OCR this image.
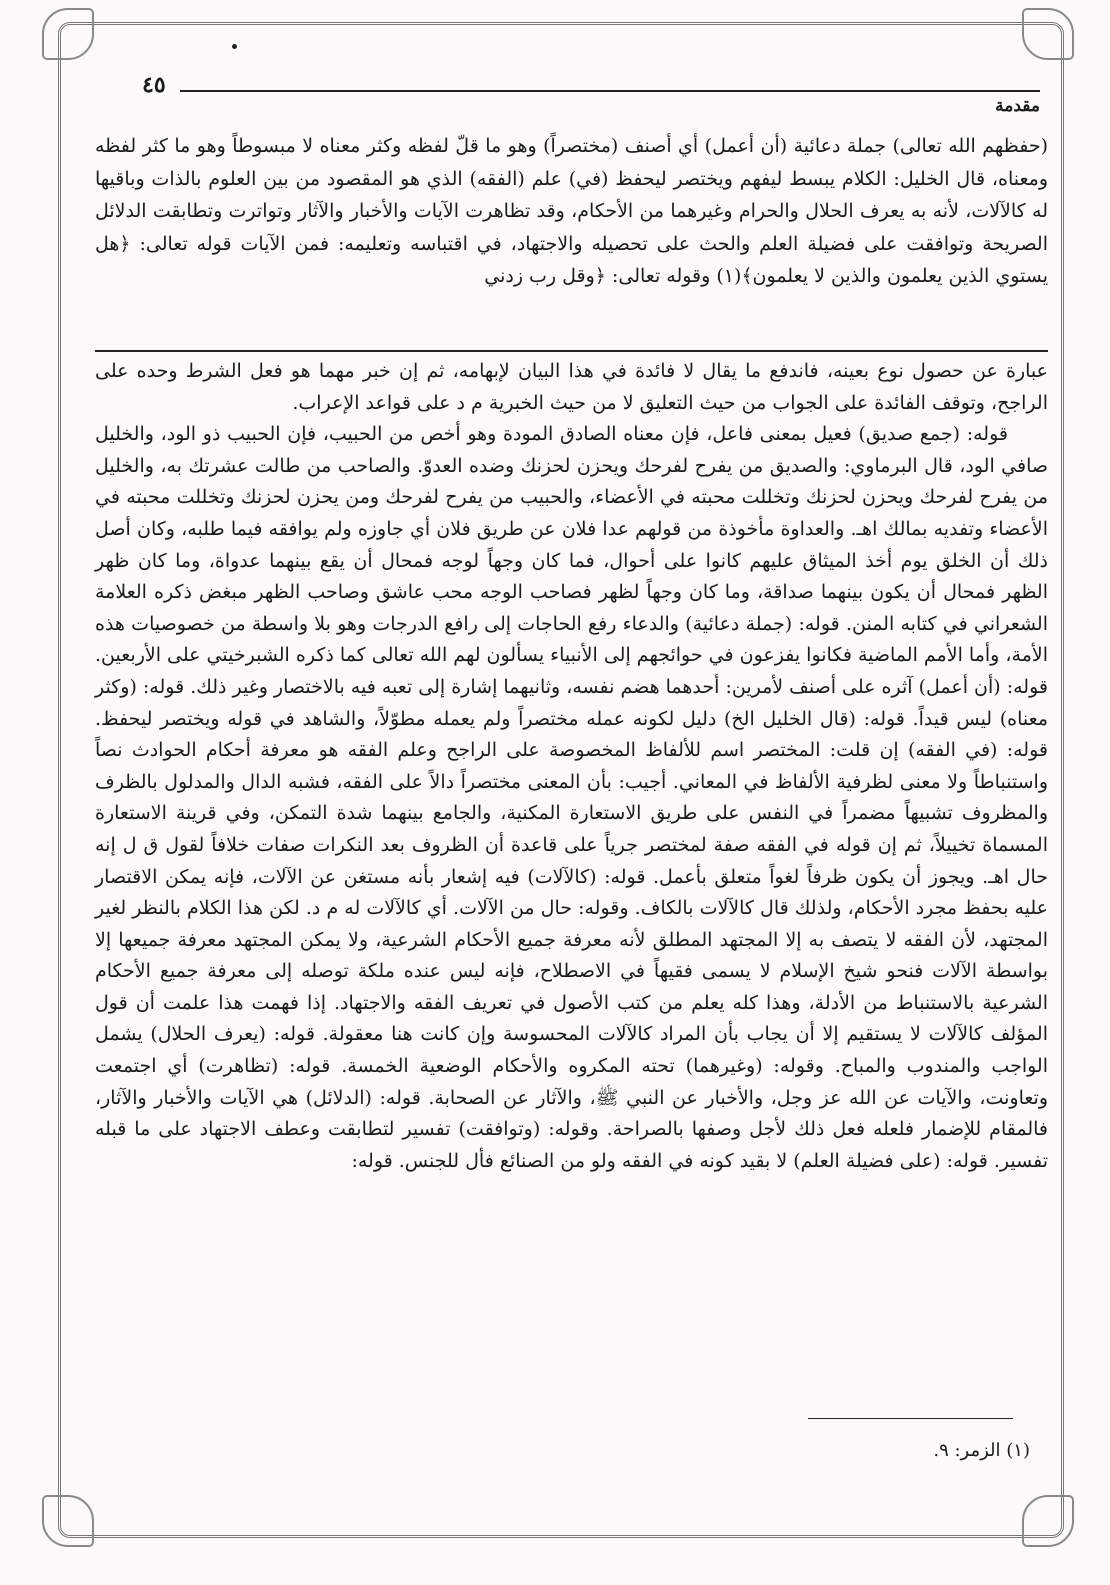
٤٥
مقدمة
(حفظهم الله تعالى) جملة دعائية (أن أعمل) أي أصنف (مختصراً) وهو ما قلّ لفظه وكثر معناه لا مبسوطاً وهو ما كثر لفظه ومعناه، قال الخليل: الكلام يبسط ليفهم ويختصر ليحفظ (في) علم (الفقه) الذي هو المقصود من بين العلوم بالذات وباقيها له كالآلات، لأنه به يعرف الحلال والحرام وغيرهما من الأحكام، وقد تظاهرت الآيات والأخبار والآثار وتواترت وتطابقت الدلائل الصريحة وتوافقت على فضيلة العلم والحث على تحصيله والاجتهاد، في اقتباسه وتعليمه: فمن الآيات قوله تعالى: ﴿هل يستوي الذين يعلمون والذين لا يعلمون﴾(١) وقوله تعالى: ﴿وقل رب زدني

عبارة عن حصول نوع بعينه، فاندفع ما يقال لا فائدة في هذا البيان لإبهامه، ثم إن خبر مهما هو فعل الشرط وحده على الراجح، وتوقف الفائدة على الجواب من حيث التعليق لا من حيث الخبرية م د على قواعد الإعراب.

قوله: (جمع صديق) فعيل بمعنى فاعل، فإن معناه الصادق المودة وهو أخص من الحبيب، فإن الحبيب ذو الود، والخليل صافي الود، قال البرماوي: والصديق من يفرح لفرحك ويحزن لحزنك وضده العدوّ. والصاحب من طالت عشرتك به، والخليل من يفرح لفرحك ويحزن لحزنك وتخللت محبته في الأعضاء، والحبيب من يفرح لفرحك ومن يحزن لحزنك وتخللت محبته في الأعضاء وتفديه بمالك اهـ. والعداوة مأخوذة من قولهم عدا فلان عن طريق فلان أي جاوزه ولم يوافقه فيما طلبه، وكان أصل ذلك أن الخلق يوم أخذ الميثاق عليهم كانوا على أحوال، فما كان وجهاً لوجه فمحال أن يقع بينهما عدواة، وما كان ظهر الظهر فمحال أن يكون بينهما صداقة، وما كان وجهاً لظهر فصاحب الوجه محب عاشق وصاحب الظهر مبغض ذكره العلامة الشعراني في كتابه المنن. قوله: (جملة دعائية) والدعاء رفع الحاجات إلى رافع الدرجات وهو بلا واسطة من خصوصيات هذه الأمة، وأما الأمم الماضية فكانوا يفزعون في حوائجهم إلى الأنبياء يسألون لهم الله تعالى كما ذكره الشبرخيتي على الأربعين. قوله: (أن أعمل) آثره على أصنف لأمرين: أحدهما هضم نفسه، وثانيهما إشارة إلى تعبه فيه بالاختصار وغير ذلك. قوله: (وكثر معناه) ليس قيداً. قوله: (قال الخليل الخ) دليل لكونه عمله مختصراً ولم يعمله مطوّلاً، والشاهد في قوله ويختصر ليحفظ. قوله: (في الفقه) إن قلت: المختصر اسم للألفاظ المخصوصة على الراجح وعلم الفقه هو معرفة أحكام الحوادث نصاً واستنباطاً ولا معنى لظرفية الألفاظ في المعاني. أجيب: بأن المعنى مختصراً دالاً على الفقه، فشبه الدال والمدلول بالظرف والمظروف تشبيهاً مضمراً في النفس على طريق الاستعارة المكنية، والجامع بينهما شدة التمكن، وفي قرينة الاستعارة المسماة تخييلاً، ثم إن قوله في الفقه صفة لمختصر جرياً على قاعدة أن الظروف بعد النكرات صفات خلافاً لقول ق ل إنه حال اهـ. ويجوز أن يكون ظرفاً لغواً متعلق بأعمل. قوله: (كالآلات) فيه إشعار بأنه مستغن عن الآلات، فإنه يمكن الاقتصار عليه بحفظ مجرد الأحكام، ولذلك قال كالآلات بالكاف. وقوله: حال من الآلات. أي كالآلات له م د. لكن هذا الكلام بالنظر لغير المجتهد، لأن الفقه لا يتصف به إلا المجتهد المطلق لأنه معرفة جميع الأحكام الشرعية، ولا يمكن المجتهد معرفة جميعها إلا بواسطة الآلات فنحو شيخ الإسلام لا يسمى فقيهاً في الاصطلاح، فإنه ليس عنده ملكة توصله إلى معرفة جميع الأحكام الشرعية بالاستنباط من الأدلة، وهذا كله يعلم من كتب الأصول في تعريف الفقه والاجتهاد. إذا فهمت هذا علمت أن قول المؤلف كالآلات لا يستقيم إلا أن يجاب بأن المراد كالآلات المحسوسة وإن كانت هنا معقولة. قوله: (يعرف الحلال) يشمل الواجب والمندوب والمباح. وقوله: (وغيرهما) تحته المكروه والأحكام الوضعية الخمسة. قوله: (تظاهرت) أي اجتمعت وتعاونت، والآيات عن الله عز وجل، والأخبار عن النبي ﷺ، والآثار عن الصحابة. قوله: (الدلائل) هي الآيات والأخبار والآثار، فالمقام للإضمار فلعله فعل ذلك لأجل وصفها بالصراحة. وقوله: (وتوافقت) تفسير لتطابقت وعطف الاجتهاد على ما قبله تفسير. قوله: (على فضيلة العلم) لا بقيد كونه في الفقه ولو من الصنائع فأل للجنس. قوله:

(١) الزمر: ٩.
